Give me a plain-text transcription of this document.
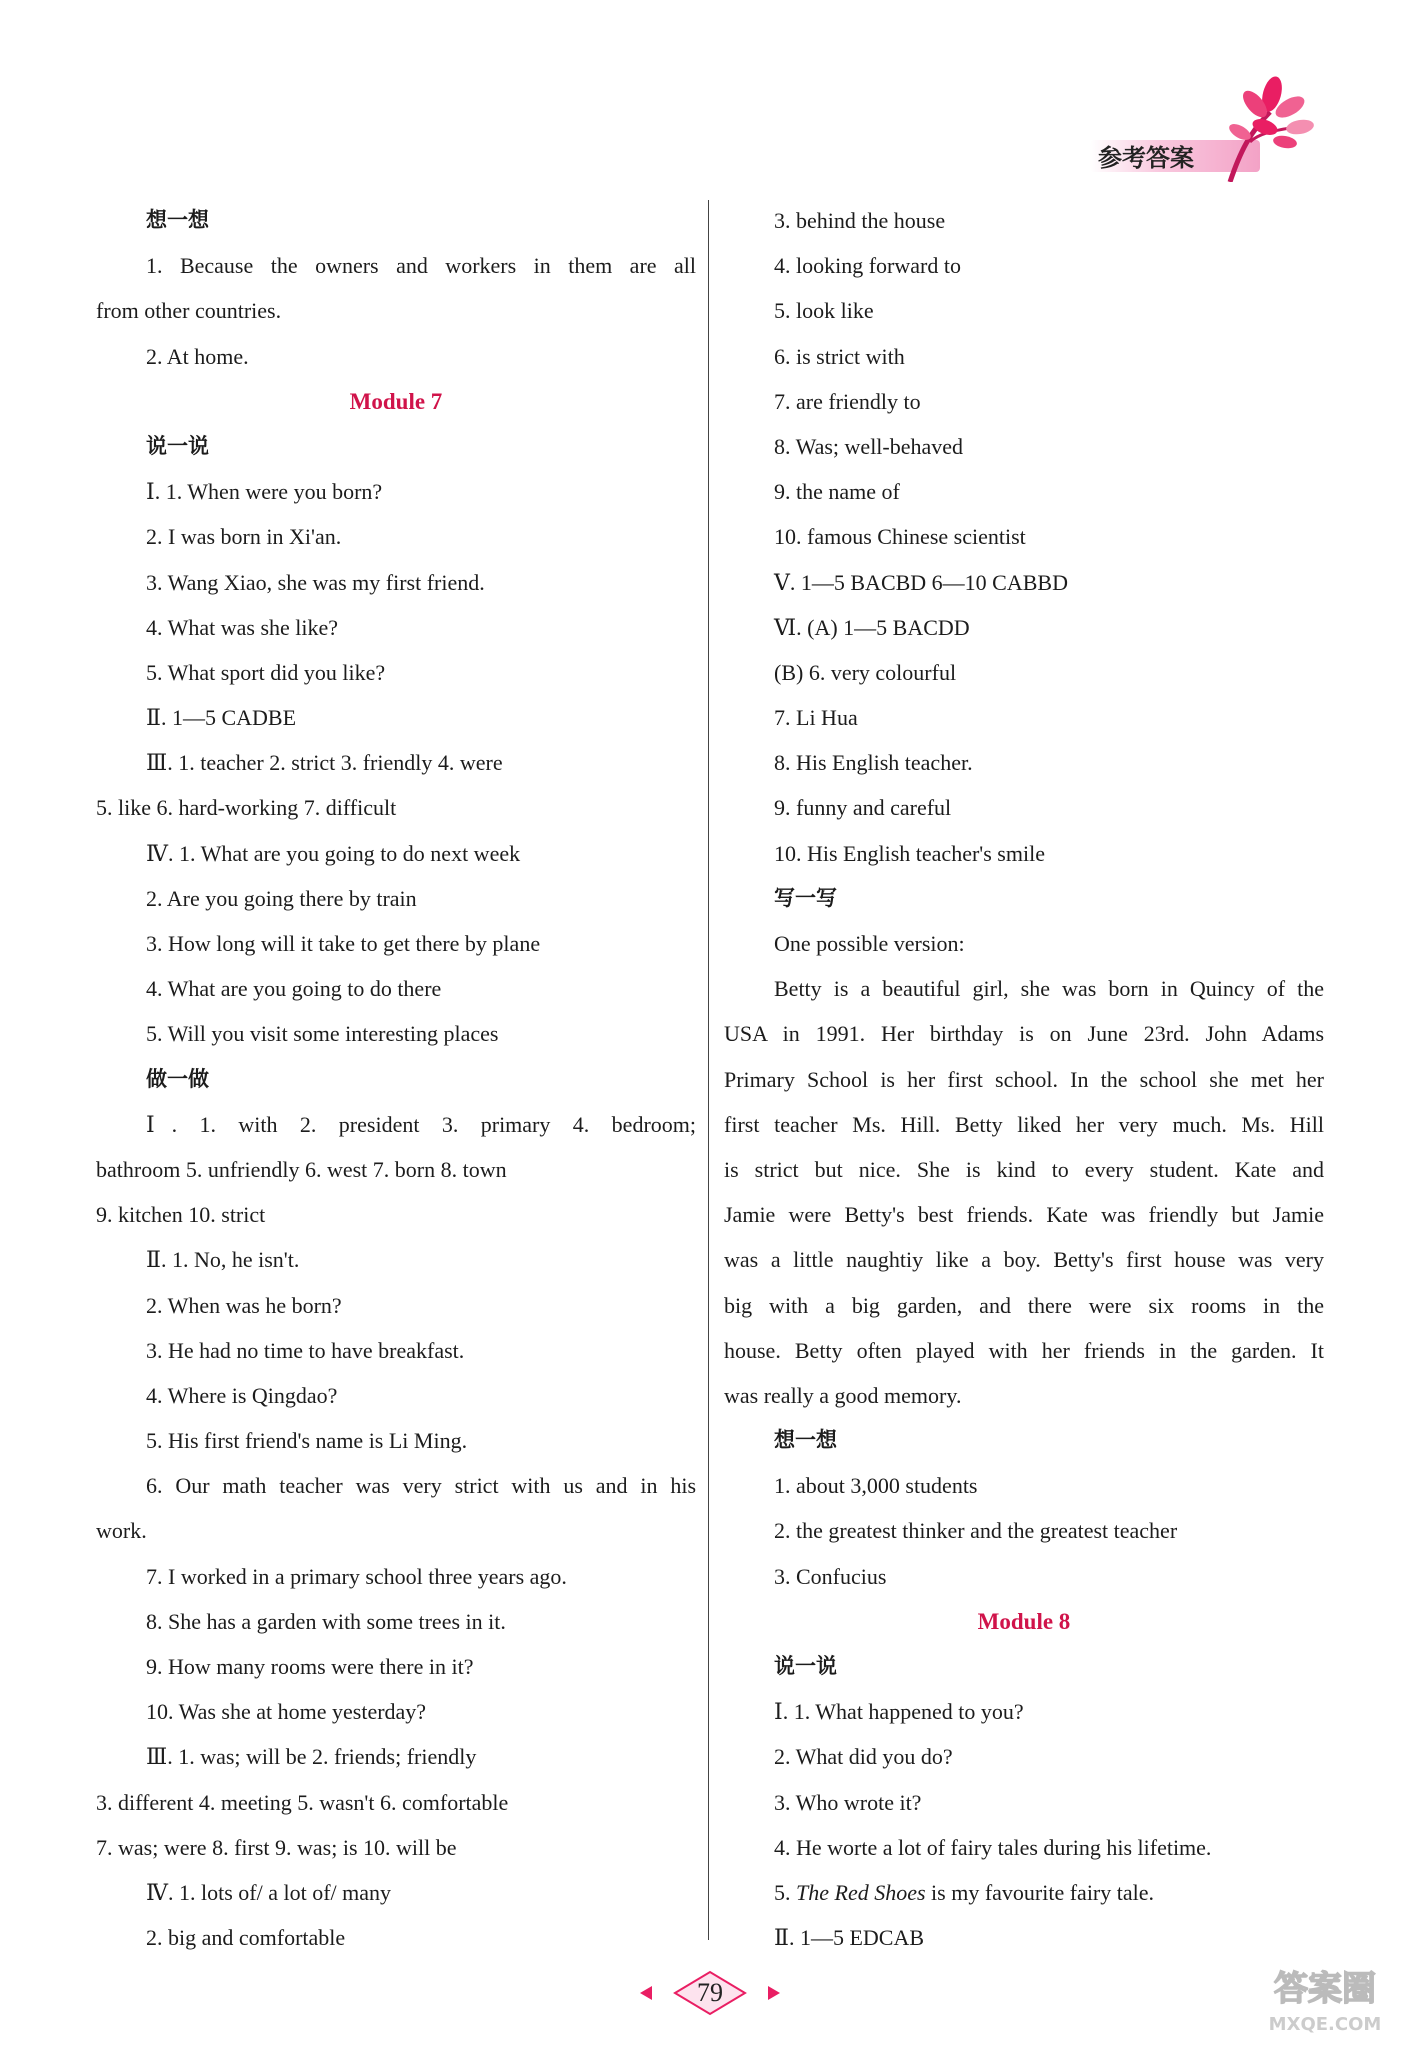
参考答案
想一想
1. Because the owners and workers in them are all
from other countries.
2. At home.
Module 7
说一说
Ⅰ. 1. When were you born?
2. I was born in Xi'an.
3. Wang Xiao, she was my first friend.
4. What was she like?
5. What sport did you like?
Ⅱ. 1—5 CADBE
Ⅲ. 1. teacher 2. strict 3. friendly 4. were
5. like 6. hard-working 7. difficult
Ⅳ. 1. What are you going to do next week
2. Are you going there by train
3. How long will it take to get there by plane
4. What are you going to do there
5. Will you visit some interesting places
做一做
Ⅰ. 1. with 2. president 3. primary 4. bedroom;
bathroom 5. unfriendly 6. west 7. born 8. town
9. kitchen 10. strict
Ⅱ. 1. No, he isn't.
2. When was he born?
3. He had no time to have breakfast.
4. Where is Qingdao?
5. His first friend's name is Li Ming.
6. Our math teacher was very strict with us and in his
work.
7. I worked in a primary school three years ago.
8. She has a garden with some trees in it.
9. How many rooms were there in it?
10. Was she at home yesterday?
Ⅲ. 1. was; will be 2. friends; friendly
3. different 4. meeting 5. wasn't 6. comfortable
7. was; were 8. first 9. was; is 10. will be
Ⅳ. 1. lots of/ a lot of/ many
2. big and comfortable
3. behind the house
4. looking forward to
5. look like
6. is strict with
7. are friendly to
8. Was; well-behaved
9. the name of
10. famous Chinese scientist
Ⅴ. 1—5 BACBD 6—10 CABBD
Ⅵ. (A) 1—5 BACDD
(B) 6. very colourful
7. Li Hua
8. His English teacher.
9. funny and careful
10. His English teacher's smile
写一写
One possible version:
Betty is a beautiful girl, she was born in Quincy of the
USA in 1991. Her birthday is on June 23rd. John Adams
Primary School is her first school. In the school she met her
first teacher Ms. Hill. Betty liked her very much. Ms. Hill
is strict but nice. She is kind to every student. Kate and
Jamie were Betty's best friends. Kate was friendly but Jamie
was a little naughtiy like a boy. Betty's first house was very
big with a big garden, and there were six rooms in the
house. Betty often played with her friends in the garden. It
was really a good memory.
想一想
1. about 3,000 students
2. the greatest thinker and the greatest teacher
3. Confucius
Module 8
说一说
Ⅰ. 1. What happened to you?
2. What did you do?
3. Who wrote it?
4. He worte a lot of fairy tales during his lifetime.
5. The Red Shoes is my favourite fairy tale.
Ⅱ. 1—5 EDCAB
79	答案圈
MXQE.COM
